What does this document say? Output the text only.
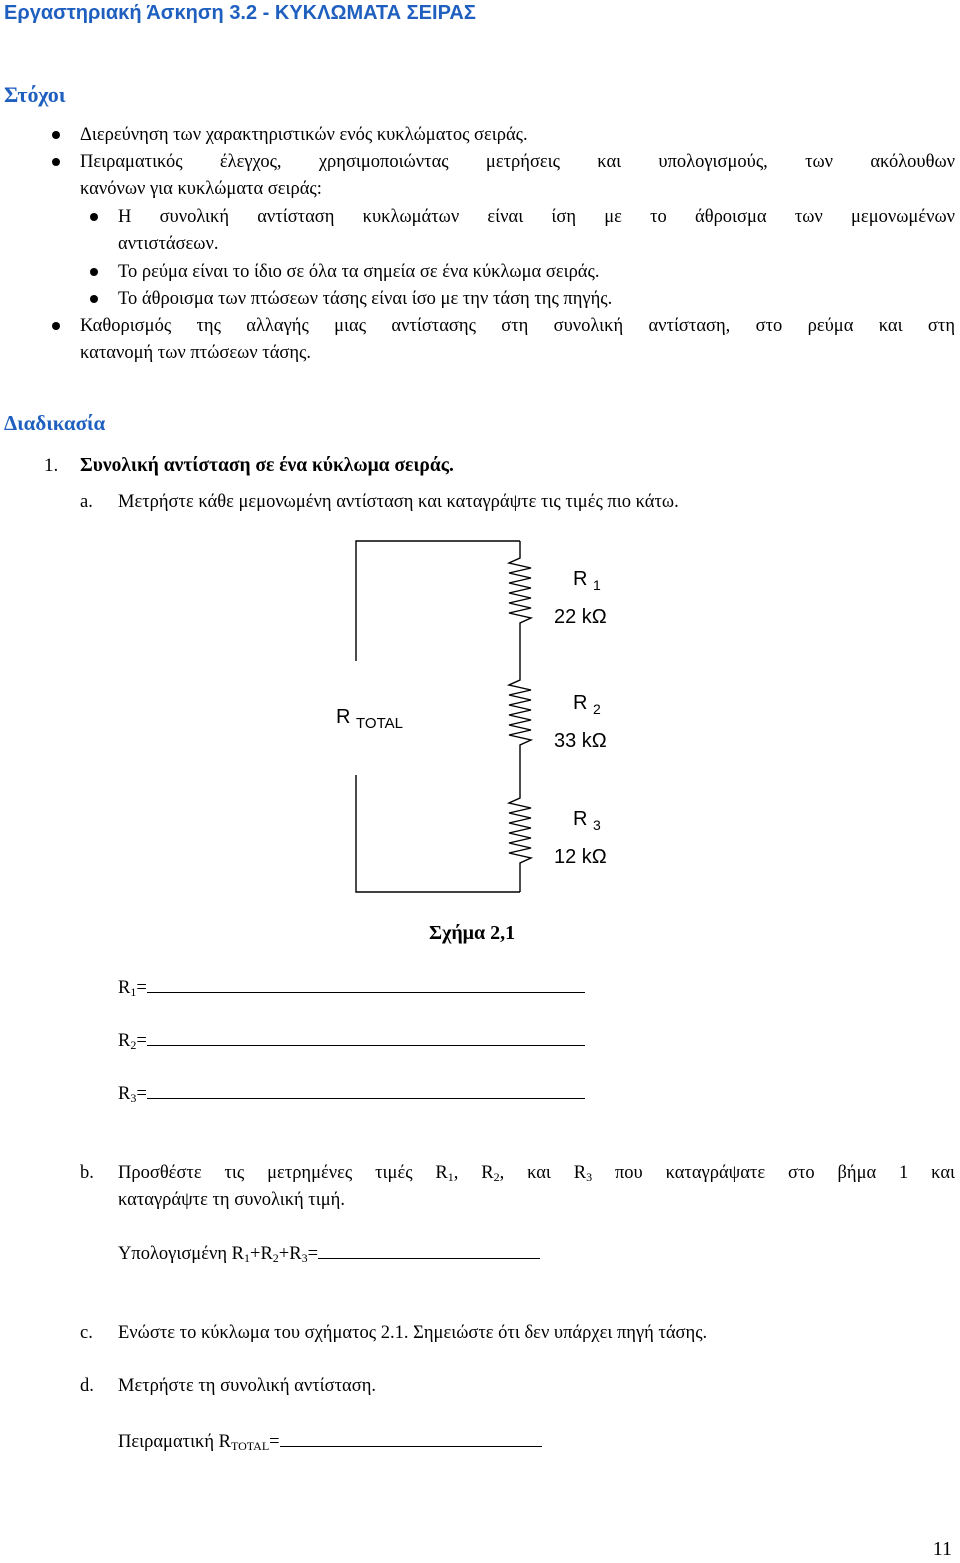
Εργαστηριακή Άσκηση 3.2 - ΚΥΚΛΩΜΑΤΑ ΣΕΙΡΑΣ
Στόχοι
Διερεύνηση των χαρακτηριστικών ενός κυκλώματος σειράς.
Πειραματικός έλεγχος, χρησιμοποιώντας μετρήσεις και υπολογισμούς, των ακόλουθων
κανόνων για κυκλώματα σειράς:
Η συνολική αντίσταση κυκλωμάτων είναι ίση με το άθροισμα των μεμονωμένων
αντιστάσεων.
Το ρεύμα είναι το ίδιο σε όλα τα σημεία σε ένα κύκλωμα σειράς.
Το άθροισμα των πτώσεων τάσης είναι ίσο με την τάση της πηγής.
Καθορισμός της αλλαγής μιας αντίστασης στη συνολική αντίσταση, στο ρεύμα και στη
κατανομή των πτώσεων τάσης.
Διαδικασία
1. Συνολική αντίσταση σε ένα κύκλωμα σειράς.
a. Μετρήστε κάθε μεμονωμένη αντίσταση και καταγράψτε τις τιμές πιο κάτω.
R $_{TOTAL}$
R $_1$
22 kΩ
R $_2$
33 kΩ
R $_3$
12 kΩ
Σχήμα 2,1
$R_1=$
$R_2=$
$R_3=$
b. Προσθέστε τις μετρημένες τιμές $R_1$, $R_2$, και $R_3$ που καταγράψατε στο βήμα 1 και
καταγράψτε τη συνολική τιμή.
Υπολογισμένη $R_1+R_2+R_3=$
c. Ενώστε το κύκλωμα του σχήματος 2.1. Σημειώστε ότι δεν υπάρχει πηγή τάσης.
d. Μετρήστε τη συνολική αντίσταση.
Πειραματική $R_{TOTAL}=$
11
